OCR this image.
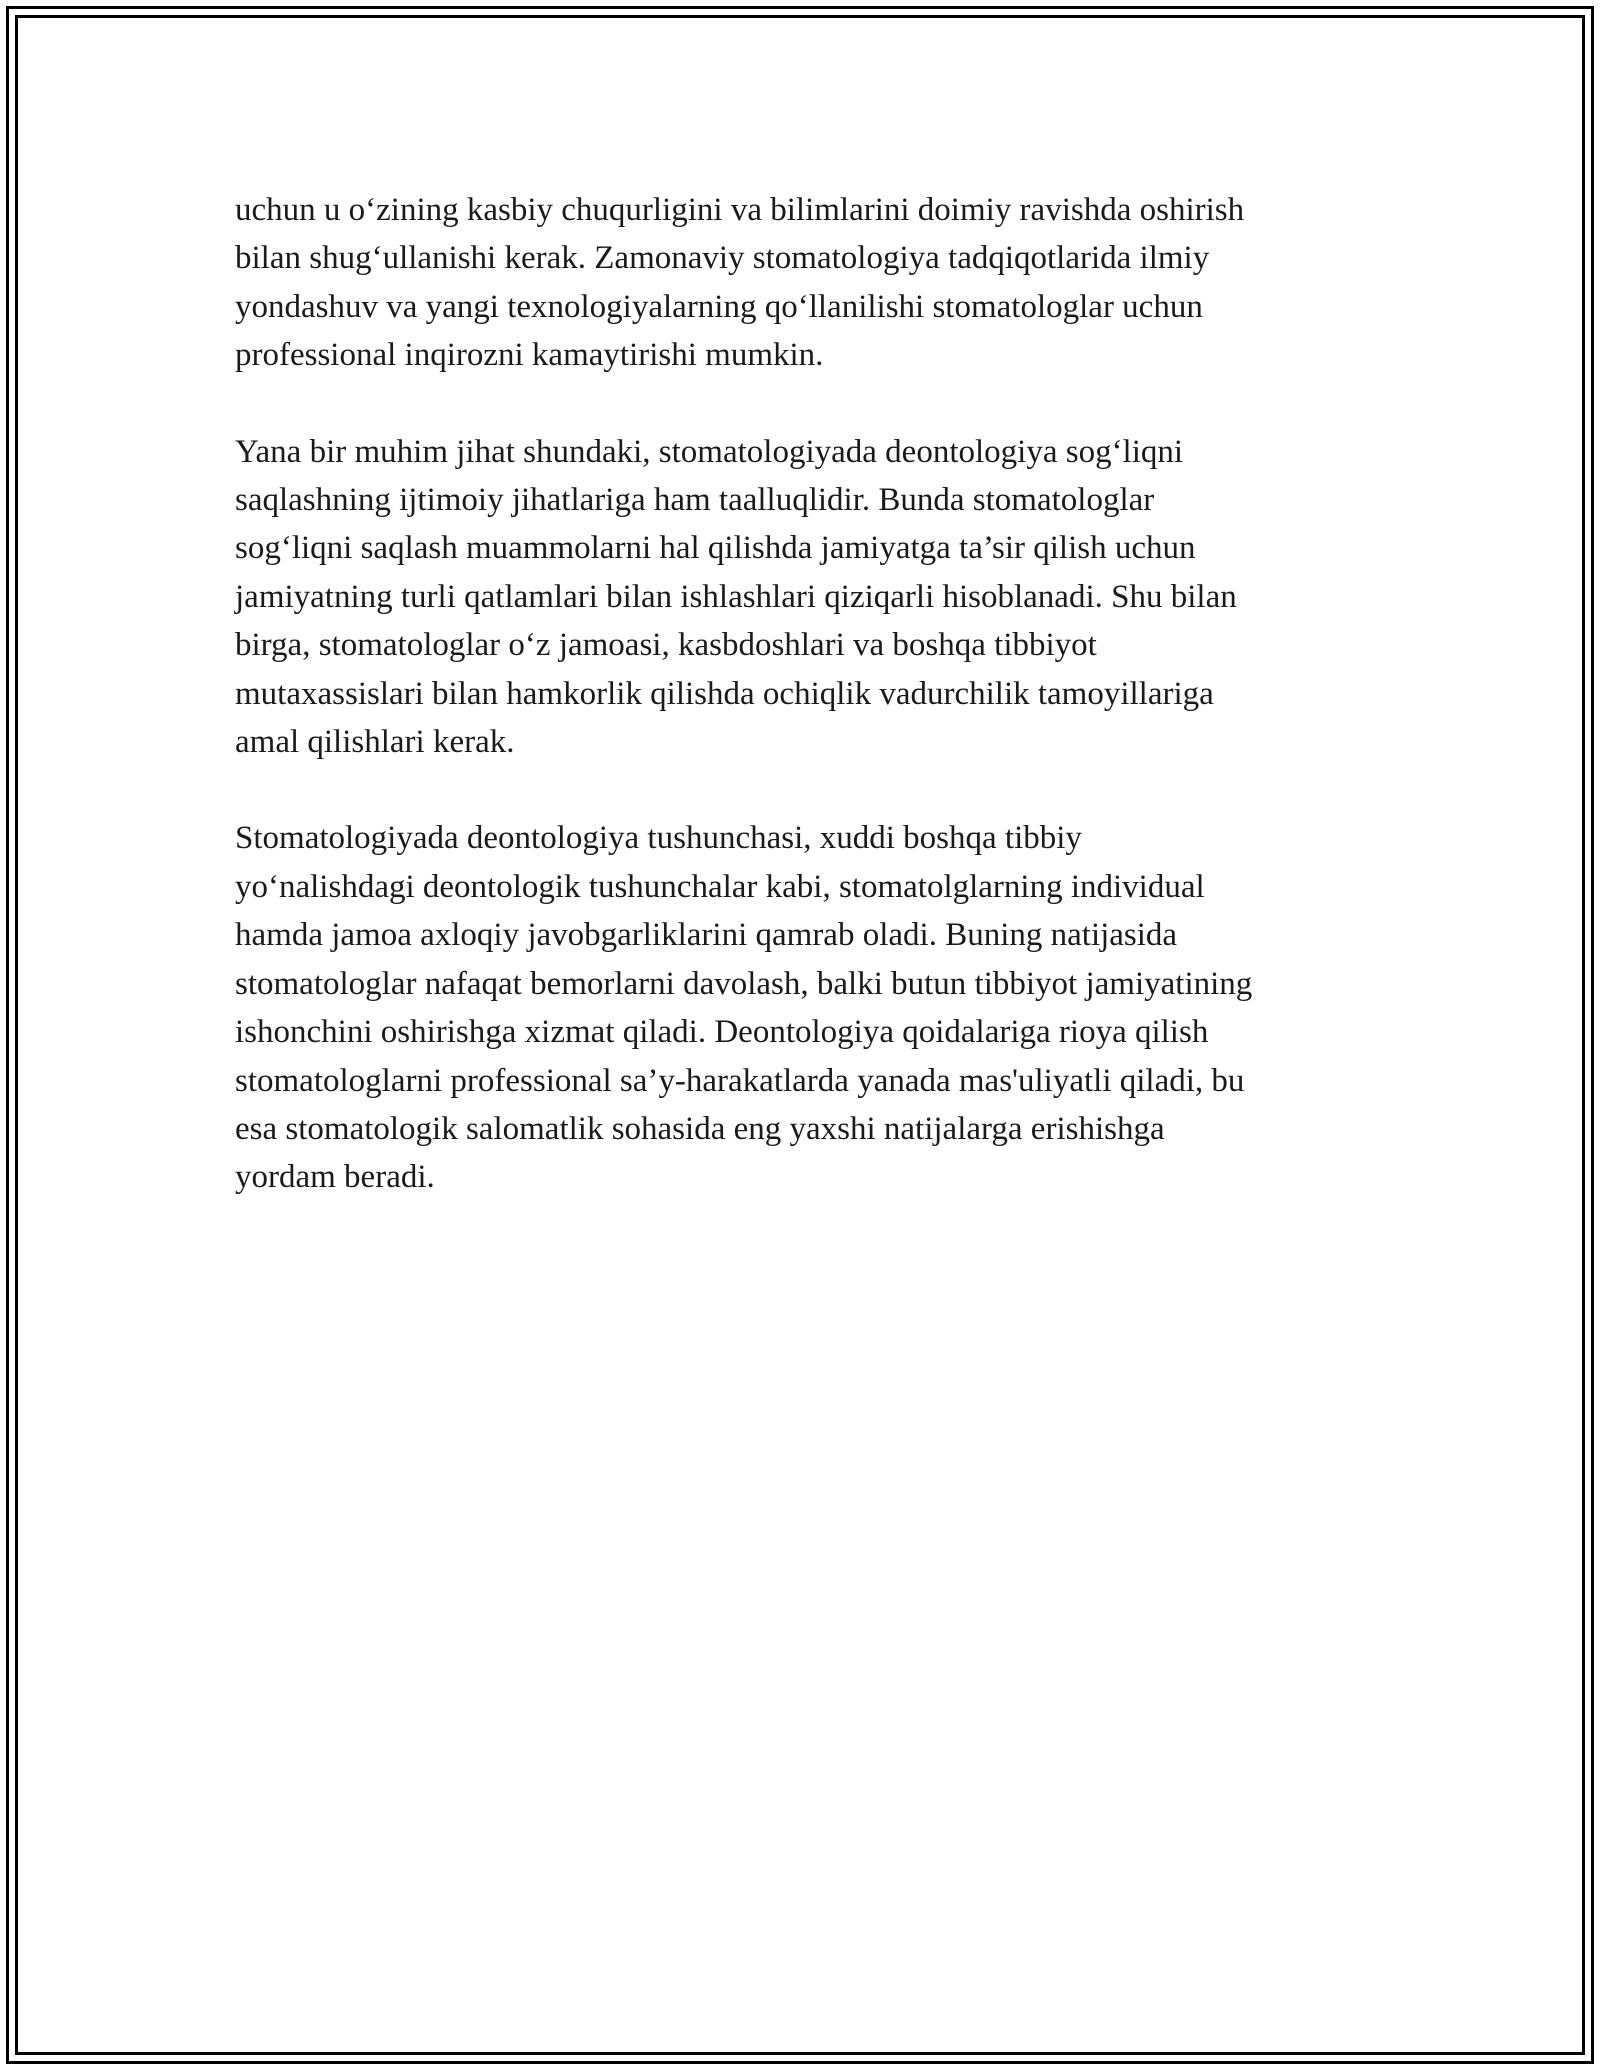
uchun u o‘zining kasbiy chuqurligini va bilimlarini doimiy ravishda oshirish
bilan shug‘ullanishi kerak. Zamonaviy stomatologiya tadqiqotlarida ilmiy
yondashuv va yangi texnologiyalarning qo‘llanilishi stomatologlar uchun
professional inqirozni kamaytirishi mumkin.

Yana bir muhim jihat shundaki, stomatologiyada deontologiya sog‘liqni
saqlashning ijtimoiy jihatlariga ham taalluqlidir. Bunda stomatologlar
sog‘liqni saqlash muammolarni hal qilishda jamiyatga ta’sir qilish uchun
jamiyatning turli qatlamlari bilan ishlashlari qiziqarli hisoblanadi. Shu bilan
birga, stomatologlar o‘z jamoasi, kasbdoshlari va boshqa tibbiyot
mutaxassislari bilan hamkorlik qilishda ochiqlik vadurchilik tamoyillariga
amal qilishlari kerak.

Stomatologiyada deontologiya tushunchasi, xuddi boshqa tibbiy
yo‘nalishdagi deontologik tushunchalar kabi, stomatolglarning individual
hamda jamoa axloqiy javobgarliklarini qamrab oladi. Buning natijasida
stomatologlar nafaqat bemorlarni davolash, balki butun tibbiyot jamiyatining
ishonchini oshirishga xizmat qiladi. Deontologiya qoidalariga rioya qilish
stomatologlarni professional sa’y-harakatlarda yanada mas'uliyatli qiladi, bu
esa stomatologik salomatlik sohasida eng yaxshi natijalarga erishishga
yordam beradi.
